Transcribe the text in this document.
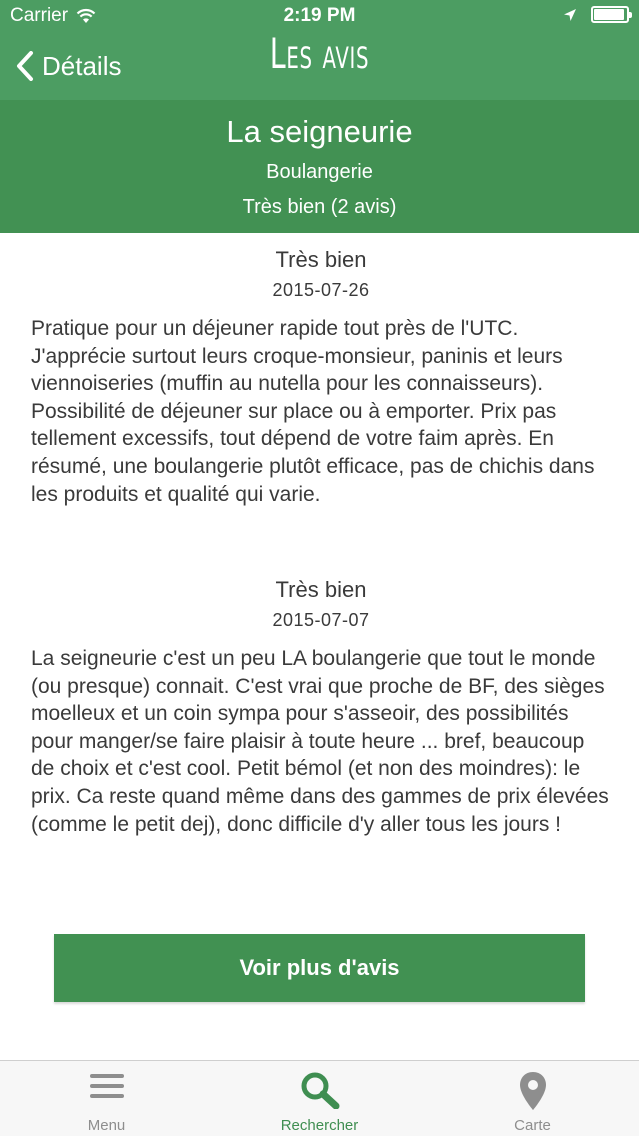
Carrier	2:19 PM
Détails	Les avis
La seigneurie
Boulangerie
Très bien (2 avis)
Très bien
2015-07-26
Pratique pour un déjeuner rapide tout près de l'UTC. J'apprécie surtout leurs croque-monsieur, paninis et leurs viennoiseries (muffin au nutella pour les connaisseurs). Possibilité de déjeuner sur place ou à emporter. Prix pas tellement excessifs, tout dépend de votre faim après. En résumé, une boulangerie plutôt efficace, pas de chichis dans les produits et qualité qui varie.
Très bien
2015-07-07
La seigneurie c'est un peu LA boulangerie que tout le monde (ou presque) connait. C'est vrai que proche de BF, des sièges moelleux et un coin sympa pour s'asseoir, des possibilités pour manger/se faire plaisir à toute heure ... bref, beaucoup de choix et c'est cool. Petit bémol (et non des moindres): le prix. Ca reste quand même dans des gammes de prix élevées (comme le petit dej), donc difficile d'y aller tous les jours !
Voir plus d'avis
Menu	Rechercher	Carte
